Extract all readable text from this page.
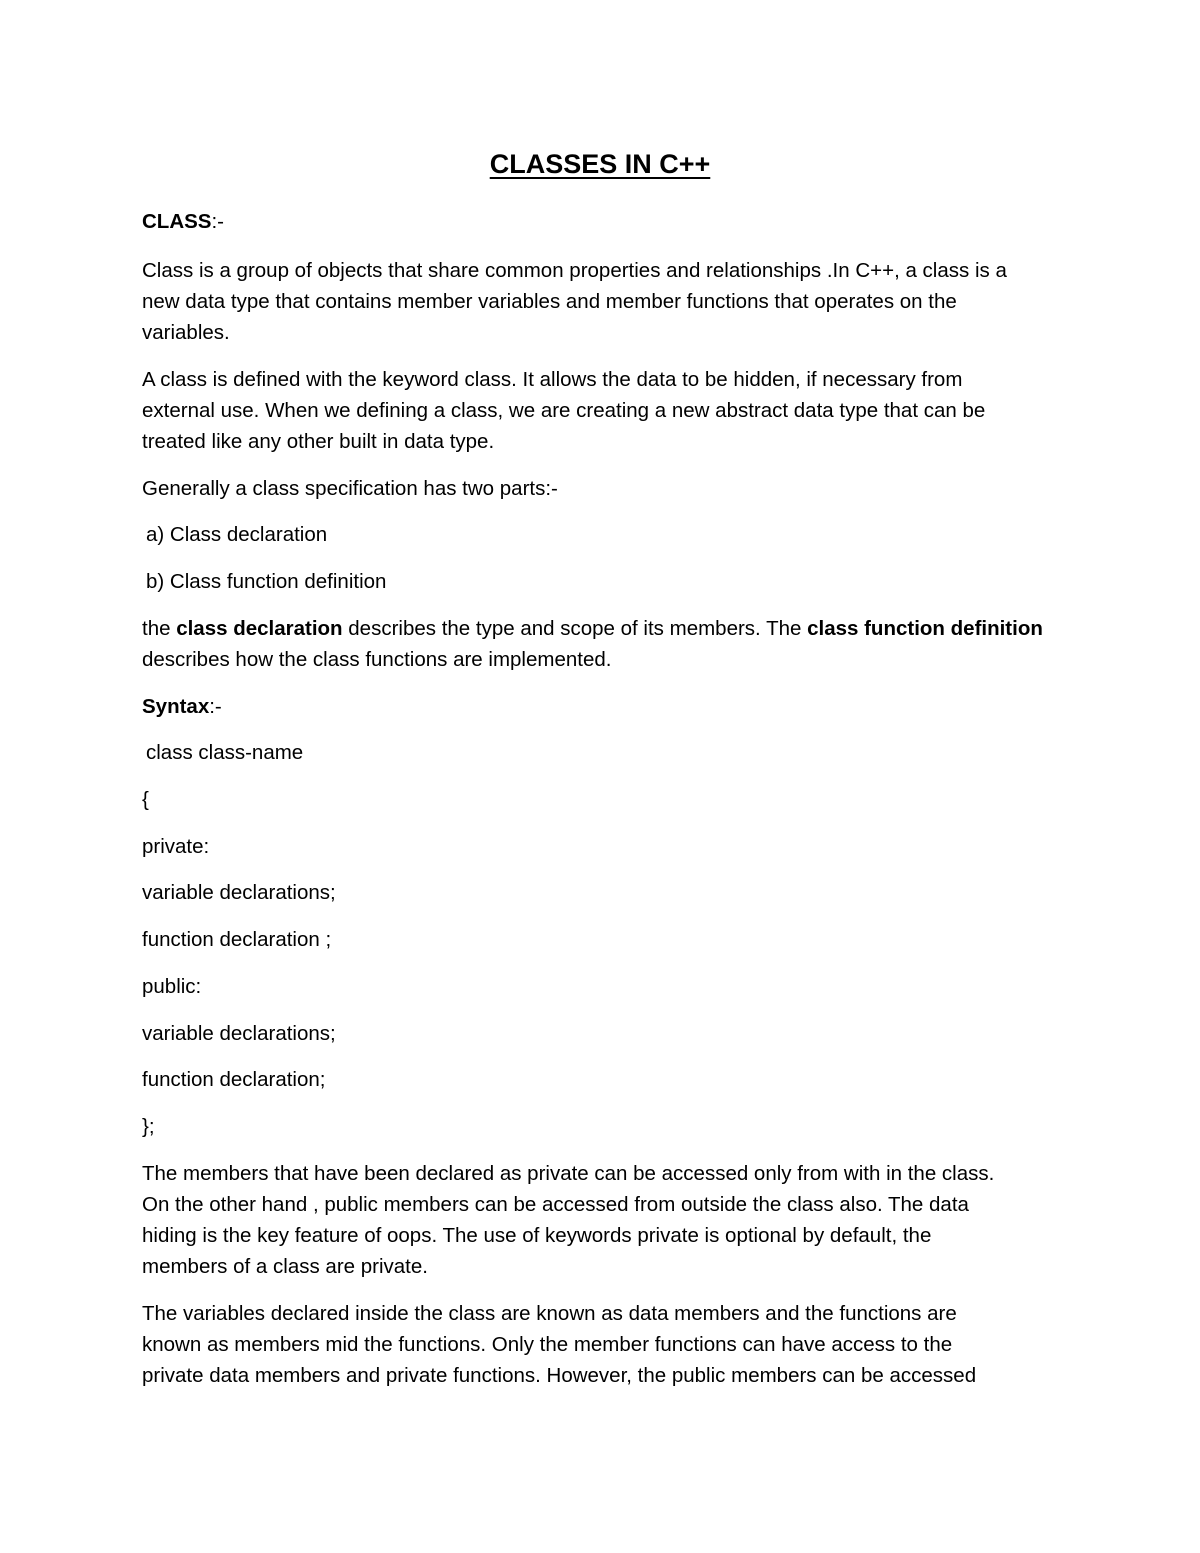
CLASSES IN C++
CLASS:-
Class is a group of objects that share common properties and relationships .In C++, a class is a
new data type that contains member variables and member functions that operates on the
variables.
A class is defined with the keyword class. It allows the data to be hidden, if necessary from
external use. When we defining a class, we are creating a new abstract data type that can be
treated like any other built in data type.
Generally a class specification has two parts:-
a) Class declaration
b) Class function definition
the class declaration describes the type and scope of its members. The class function definition
describes how the class functions are implemented.
Syntax:-
class class-name
{
private:
variable declarations;
function declaration ;
public:
variable declarations;
function declaration;
};
The members that have been declared as private can be accessed only from with in the class.
On the other hand , public members can be accessed from outside the class also. The data
hiding is the key feature of oops. The use of keywords private is optional by default, the
members of a class are private.
The variables declared inside the class are known as data members and the functions are
known as members mid the functions. Only the member functions can have access to the
private data members and private functions. However, the public members can be accessed
